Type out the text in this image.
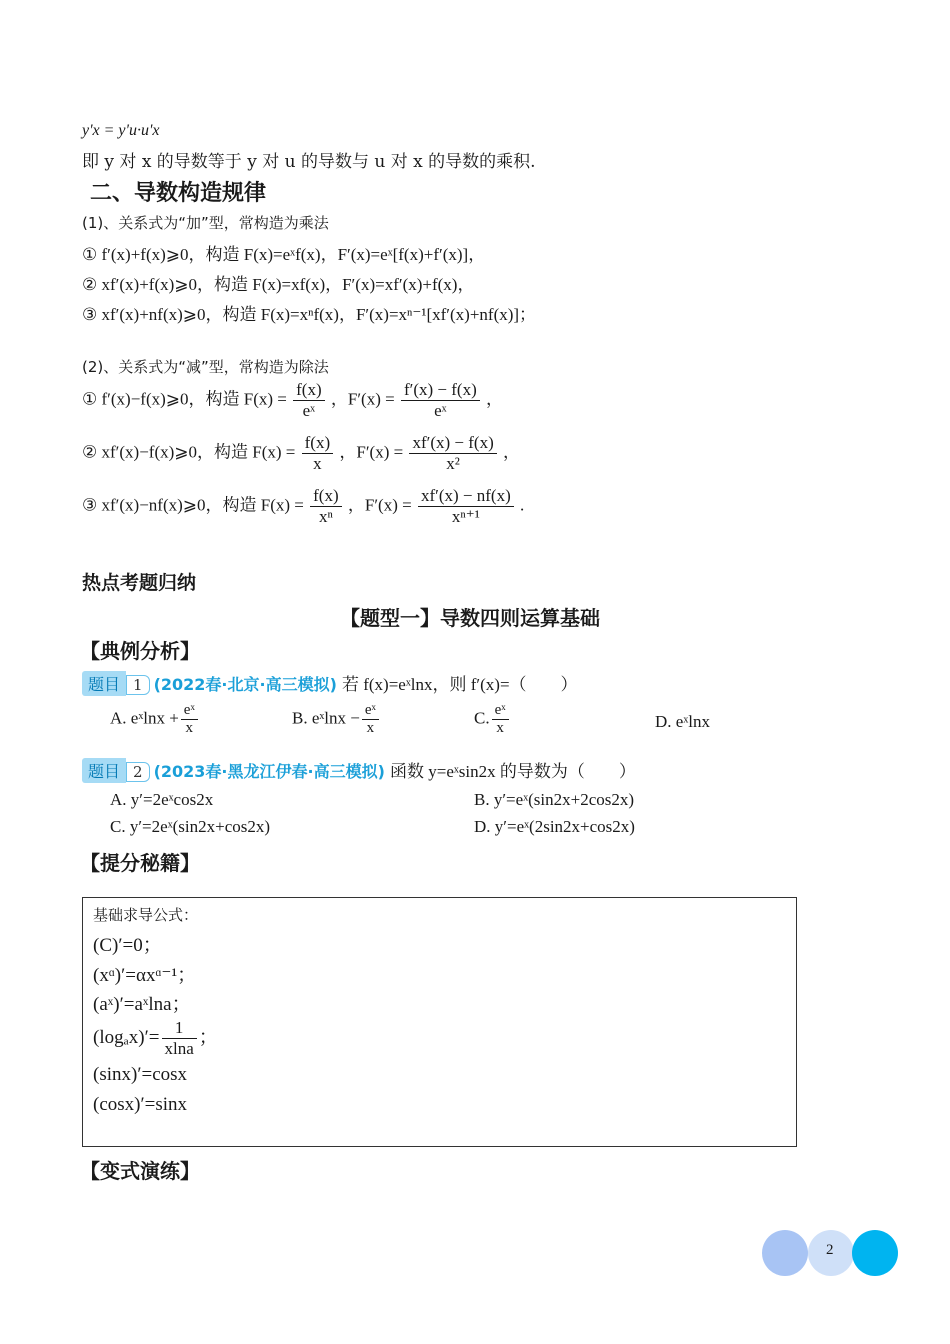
y'x = y'u·u'x
即 y 对 x 的导数等于 y 对 u 的导数与 u 对 x 的导数的乘积.
二、导数构造规律
(1)、关系式为“加”型，常构造为乘法
① f′(x)+f(x)⩾0，构造 F(x)=eˣf(x)，F′(x)=eˣ[f(x)+f′(x)]，
② xf′(x)+f(x)⩾0，构造 F(x)=xf(x)，F′(x)=xf′(x)+f(x)，
③ xf′(x)+nf(x)⩾0，构造 F(x)=xⁿf(x)，F′(x)=xⁿ⁻¹[xf′(x)+nf(x)]；
(2)、关系式为“减”型，常构造为除法
① f′(x)−f(x)⩾0，构造 $F(x) = \frac{f(x)}{\text{eˣ}}$ ，$F'(x) = \frac{f'(x) - f(x)}{\text{eˣ}}$ ，
② xf′(x)−f(x)⩾0，构造 $F(x) = \frac{f(x)}{x}$ ，$F'(x) = \frac{xf'(x) - f(x)}{\text{x²}}$ ，
③ xf′(x)−nf(x)⩾0，构造 $F(x) = \frac{f(x)}{\text{xⁿ}}$ ，$F'(x) = \frac{xf'(x) - nf(x)}{\text{xⁿ⁺¹}}$ .
热点考题归纳
【题型一】导数四则运算基础
【典例分析】
题目 1 (2022春·北京·高三模拟) 若 f(x)=eˣlnx，则 f′(x)=（　　）
A. eˣlnx + $\frac{\text{eˣ}}{x}$	B. eˣlnx − $\frac{\text{eˣ}}{x}$	C. $\frac{\text{eˣ}}{x}$	D. eˣlnx
题目 2 (2023春·黑龙江伊春·高三模拟) 函数 y=eˣsin2x 的导数为（　　）
A. y′=2eˣcos2x	B. y′=eˣ(sin2x+2cos2x)
C. y′=2eˣ(sin2x+cos2x)	D. y′=eˣ(2sin2x+cos2x)
【提分秘籍】
基础求导公式：
(C)′=0；
(xᵅ)′=αxᵅ⁻¹；
(aˣ)′=aˣlna；
$(\log_ax)'= \frac{1}{xlna}$ ；
(sinx)′=cosx
(cosx)′=sinx
【变式演练】
2
